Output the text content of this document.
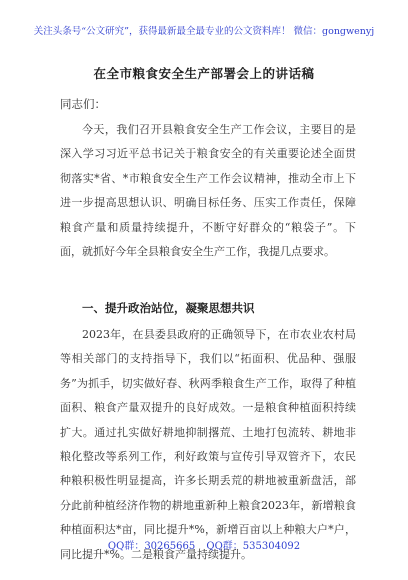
关注头条号“公文研究”，获得最新最全最专业的公文资料库！ 微信：gongwenyj
在全市粮食安全生产部署会上的讲话稿
同志们：

今天，我们召开县粮食安全生产工作会议，主要目的是深入学习习近平总书记关于粮食安全的有关重要论述全面贯彻落实*省、*市粮食安全生产工作会议精神，推动全市上下进一步提高思想认识、明确目标任务、压实工作责任，保障粮食产量和质量持续提升，不断守好群众的“粮袋子”。下面，就抓好今年全县粮食安全生产工作，我提几点要求。

一、提升政治站位，凝聚思想共识

2023年，在县委县政府的正确领导下，在市农业农村局等相关部门的支持指导下，我们以“拓面积、优品种、强服务”为抓手，切实做好春、秋两季粮食生产工作，取得了种植面积、粮食产量双提升的良好成效。一是粮食种植面积持续扩大。通过扎实做好耕地抑制撂荒、土地打包流转、耕地非粮化整改等系列工作，利好政策与宣传引导双管齐下，农民种粮积极性明显提高，许多长期丢荒的耕地被重新盘活，部分此前种植经济作物的耕地重新种上粮食2023年，新增粮食种植面积达*亩，同比提升*%，新增百亩以上种粮大户*户，同比提升*%。二是粮食产量持续提升。

QQ群：30265665 QQ群：535304092
